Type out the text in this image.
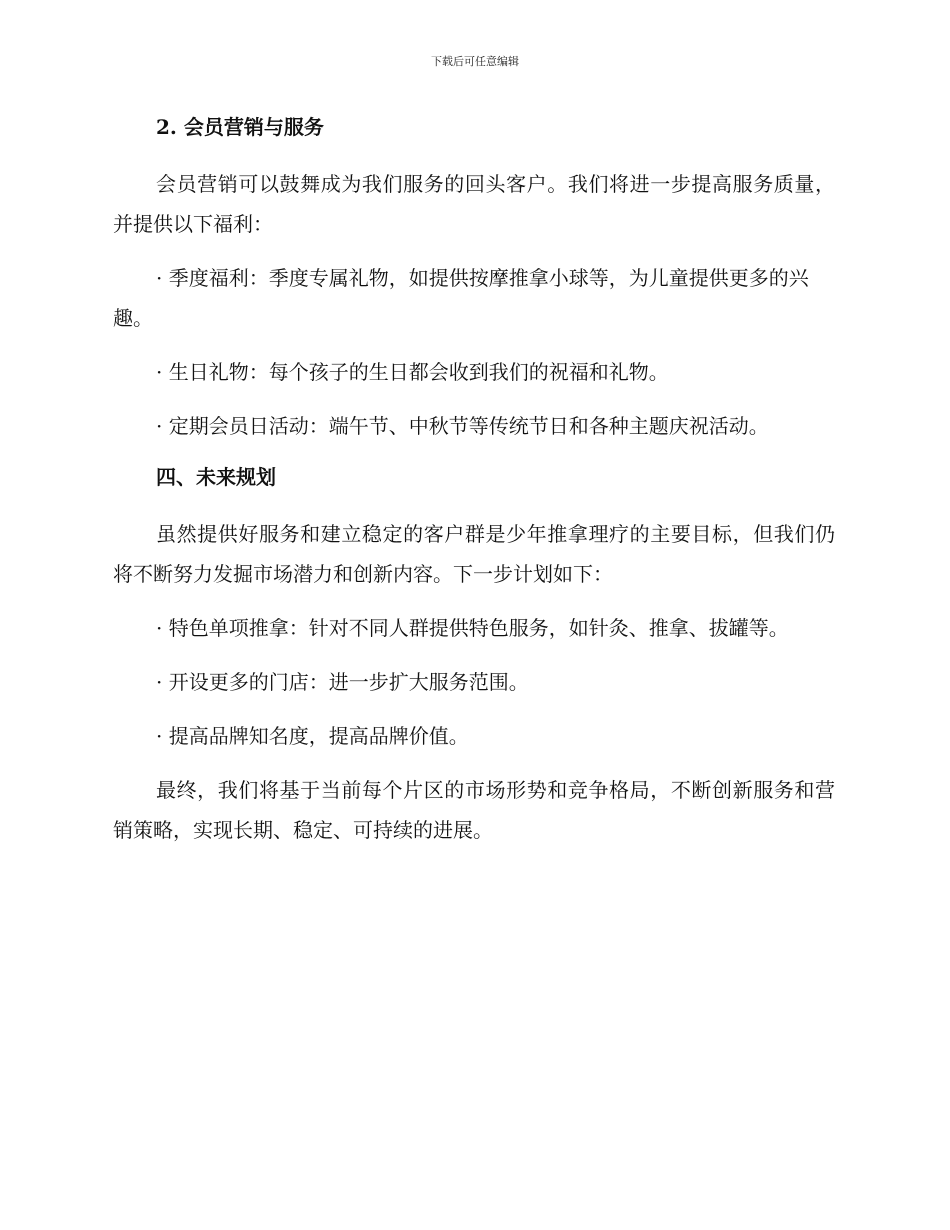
下载后可任意编辑
2. 会员营销与服务
会员营销可以鼓舞成为我们服务的回头客户。我们将进一步提高服务质量，并提供以下福利：
· 季度福利：季度专属礼物，如提供按摩推拿小球等，为儿童提供更多的兴趣。
· 生日礼物：每个孩子的生日都会收到我们的祝福和礼物。
· 定期会员日活动：端午节、中秋节等传统节日和各种主题庆祝活动。
四、未来规划
虽然提供好服务和建立稳定的客户群是少年推拿理疗的主要目标，但我们仍将不断努力发掘市场潜力和创新内容。下一步计划如下：
· 特色单项推拿：针对不同人群提供特色服务，如针灸、推拿、拔罐等。
· 开设更多的门店：进一步扩大服务范围。
· 提高品牌知名度，提高品牌价值。
最终，我们将基于当前每个片区的市场形势和竞争格局，不断创新服务和营销策略，实现长期、稳定、可持续的进展。
